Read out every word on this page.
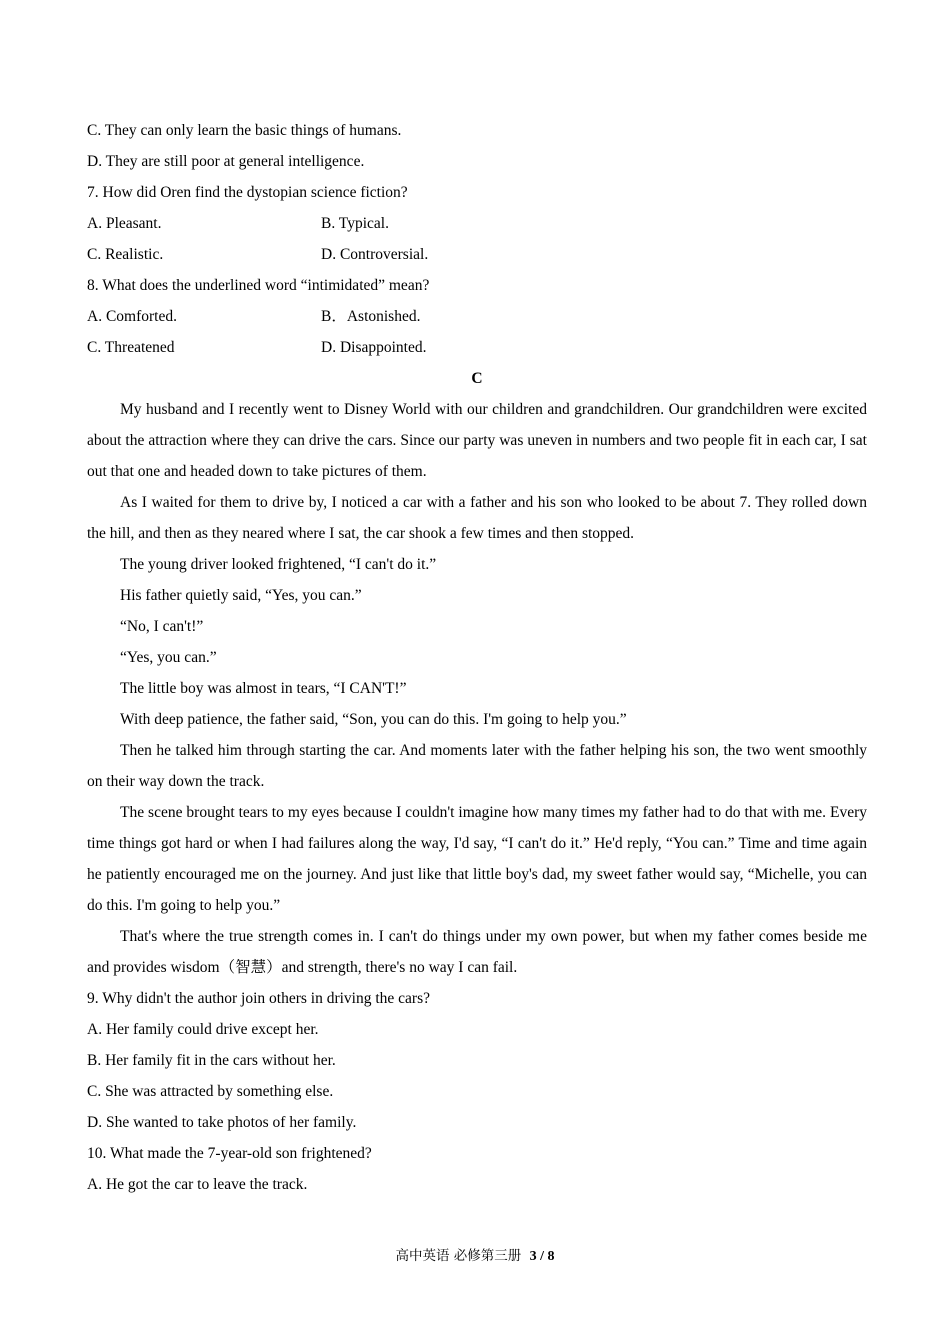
C. They can only learn the basic things of humans.
D. They are still poor at general intelligence.
7. How did Oren find the dystopian science fiction?
A. Pleasant.	B. Typical.
C. Realistic.	D. Controversial.
8. What does the underlined word “intimidated” mean?
A. Comforted.	B．Astonished.
C. Threatened	D. Disappointed.
C

My husband and I recently went to Disney World with our children and grandchildren. Our grandchildren were excited about the attraction where they can drive the cars. Since our party was uneven in numbers and two people fit in each car, I sat out that one and headed down to take pictures of them.

As I waited for them to drive by, I noticed a car with a father and his son who looked to be about 7. They rolled down the hill, and then as they neared where I sat, the car shook a few times and then stopped.

The young driver looked frightened, “I can't do it.”

His father quietly said, “Yes, you can.”

“No, I can't!”

“Yes, you can.”

The little boy was almost in tears, “I CAN'T!”

With deep patience, the father said, “Son, you can do this. I'm going to help you.”

Then he talked him through starting the car. And moments later with the father helping his son, the two went smoothly on their way down the track.

The scene brought tears to my eyes because I couldn't imagine how many times my father had to do that with me. Every time things got hard or when I had failures along the way, I'd say, “I can't do it.” He'd reply, “You can.” Time and time again he patiently encouraged me on the journey. And just like that little boy's dad, my sweet father would say, “Michelle, you can do this. I'm going to help you.”

That's where the true strength comes in. I can't do things under my own power, but when my father comes beside me and provides wisdom（智慧）and strength, there's no way I can fail.

9. Why didn't the author join others in driving the cars?
A. Her family could drive except her.
B. Her family fit in the cars without her.
C. She was attracted by something else.
D. She wanted to take photos of her family.
10. What made the 7-year-old son frightened?
A. He got the car to leave the track.
高中英语 必修第三册 3 / 8
